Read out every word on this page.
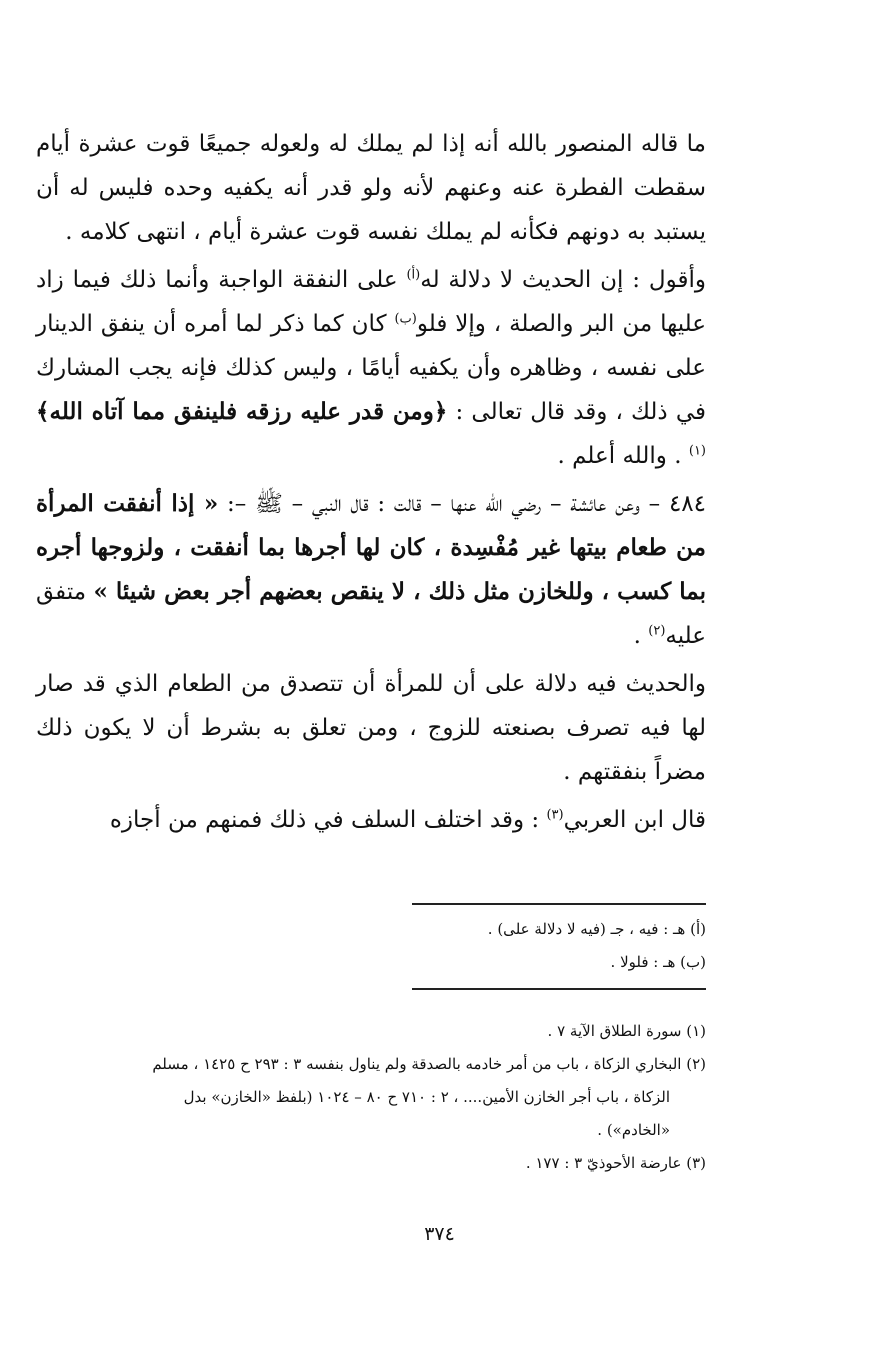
ما قاله المنصور بالله أنه إذا لم يملك له ولعوله جميعًا قوت عشرة أيام سقطت الفطرة عنه وعنهم لأنه ولو قدر أنه يكفيه وحده فليس له أن يستبد به دونهم فكأنه لم يملك نفسه قوت عشرة أيام ، انتهى كلامه .

وأقول : إن الحديث لا دلالة له$^{(أ)}$ على النفقة الواجبة وأنما ذلك فيما زاد عليها من البر والصلة ، وإلا فلو$^{(ب)}$ كان كما ذكر لما أمره أن ينفق الدينار على نفسه ، وظاهره وأن يكفيه أيامًا ، وليس كذلك فإنه يجب المشارك في ذلك ، وقد قال تعالى : ﴿ومن قدر عليه رزقه فلينفق مما آتاه الله﴾$^{(١)}$ . والله أعلم .

٤٨٤ – وعن عائشة – رضي الله عنها – قالت : قال النبي – ﷺ –: « إذا أنفقت المرأة من طعام بيتها غير مُفْسِدة ، كان لها أجرها بما أنفقت ، ولزوجها أجره بما كسب ، وللخازن مثل ذلك ، لا ينقص بعضهم أجر بعض شيئا » متفق عليه$^{(٢)}$ .

والحديث فيه دلالة على أن للمرأة أن تتصدق من الطعام الذي قد صار لها فيه تصرف بصنعته للزوج ، ومن تعلق به بشرط أن لا يكون ذلك مضراً بنفقتهم .

قال ابن العربي$^{(٣)}$ : وقد اختلف السلف في ذلك فمنهم من أجازه

(أ) هـ : فيه ، جـ (فيه لا دلالة على) .

(ب) هـ : فلولا .

(١) سورة الطلاق الآية ٧ .

(٢) البخاري الزكاة ، باب من أمر خادمه بالصدقة ولم يناول بنفسه ٣ : ٢٩٣ ح ١٤٢٥ ، مسلم

الزكاة ، باب أجر الخازن الأمين.... ، ٢ : ٧١٠ ح ٨٠ – ١٠٢٤ (بلفظ «الخازن» بدل

«الخادم») .

(٣) عارضة الأحوذيّ ٣ : ١٧٧ .

٣٧٤
